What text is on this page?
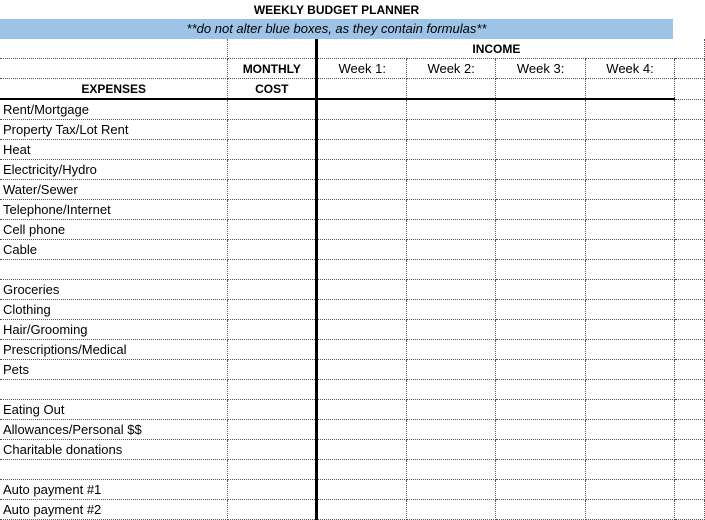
WEEKLY BUDGET PLANNER
**do not alter blue boxes, as they contain formulas**
		INCOME				
	MONTHLY	Week 1:	Week 2:	Week 3:	Week 4:	
EXPENSES	COST					
Rent/Mortgage						
Property Tax/Lot Rent						
Heat						
Electricity/Hydro						
Water/Sewer						
Telephone/Internet						
Cell phone						
Cable						

Groceries						
Clothing						
Hair/Grooming						
Prescriptions/Medical						
Pets						

Eating Out						
Allowances/Personal $$						
Charitable donations						

Auto payment #1						
Auto payment #2						
